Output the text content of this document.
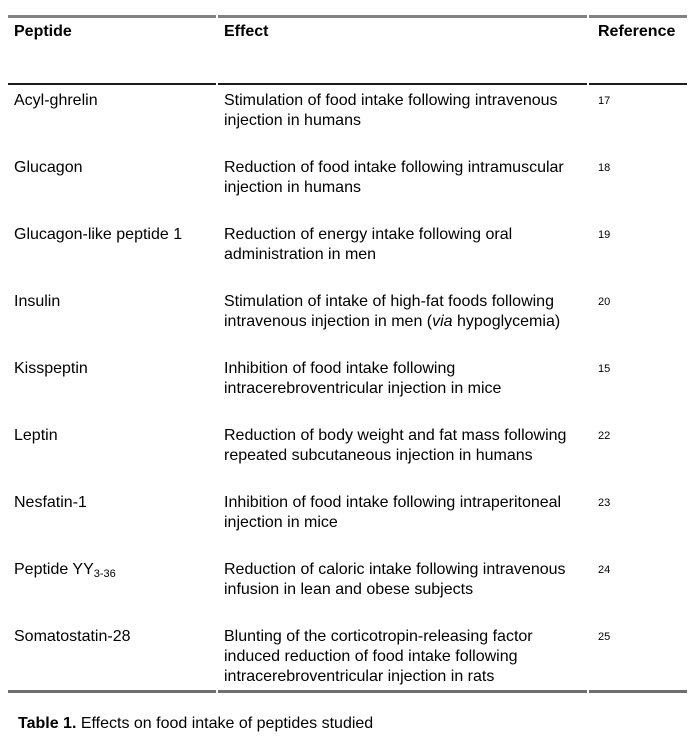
Peptide	Effect	Reference
Acyl-ghrelin	Stimulation of food intake following intravenous injection in humans	17
Glucagon	Reduction of food intake following intramuscular injection in humans	18
Glucagon-like peptide 1	Reduction of energy intake following oral administration in men	19
Insulin	Stimulation of intake of high-fat foods following intravenous injection in men (via hypoglycemia)	20
Kisspeptin	Inhibition of food intake following intracerebroventricular injection in mice	15
Leptin	Reduction of body weight and fat mass following repeated subcutaneous injection in humans	22
Nesfatin-1	Inhibition of food intake following intraperitoneal injection in mice	23
Peptide YY3-36	Reduction of caloric intake following intravenous infusion in lean and obese subjects	24
Somatostatin-28	Blunting of the corticotropin-releasing factor induced reduction of food intake following intracerebroventricular injection in rats	25
Table 1. Effects on food intake of peptides studied
